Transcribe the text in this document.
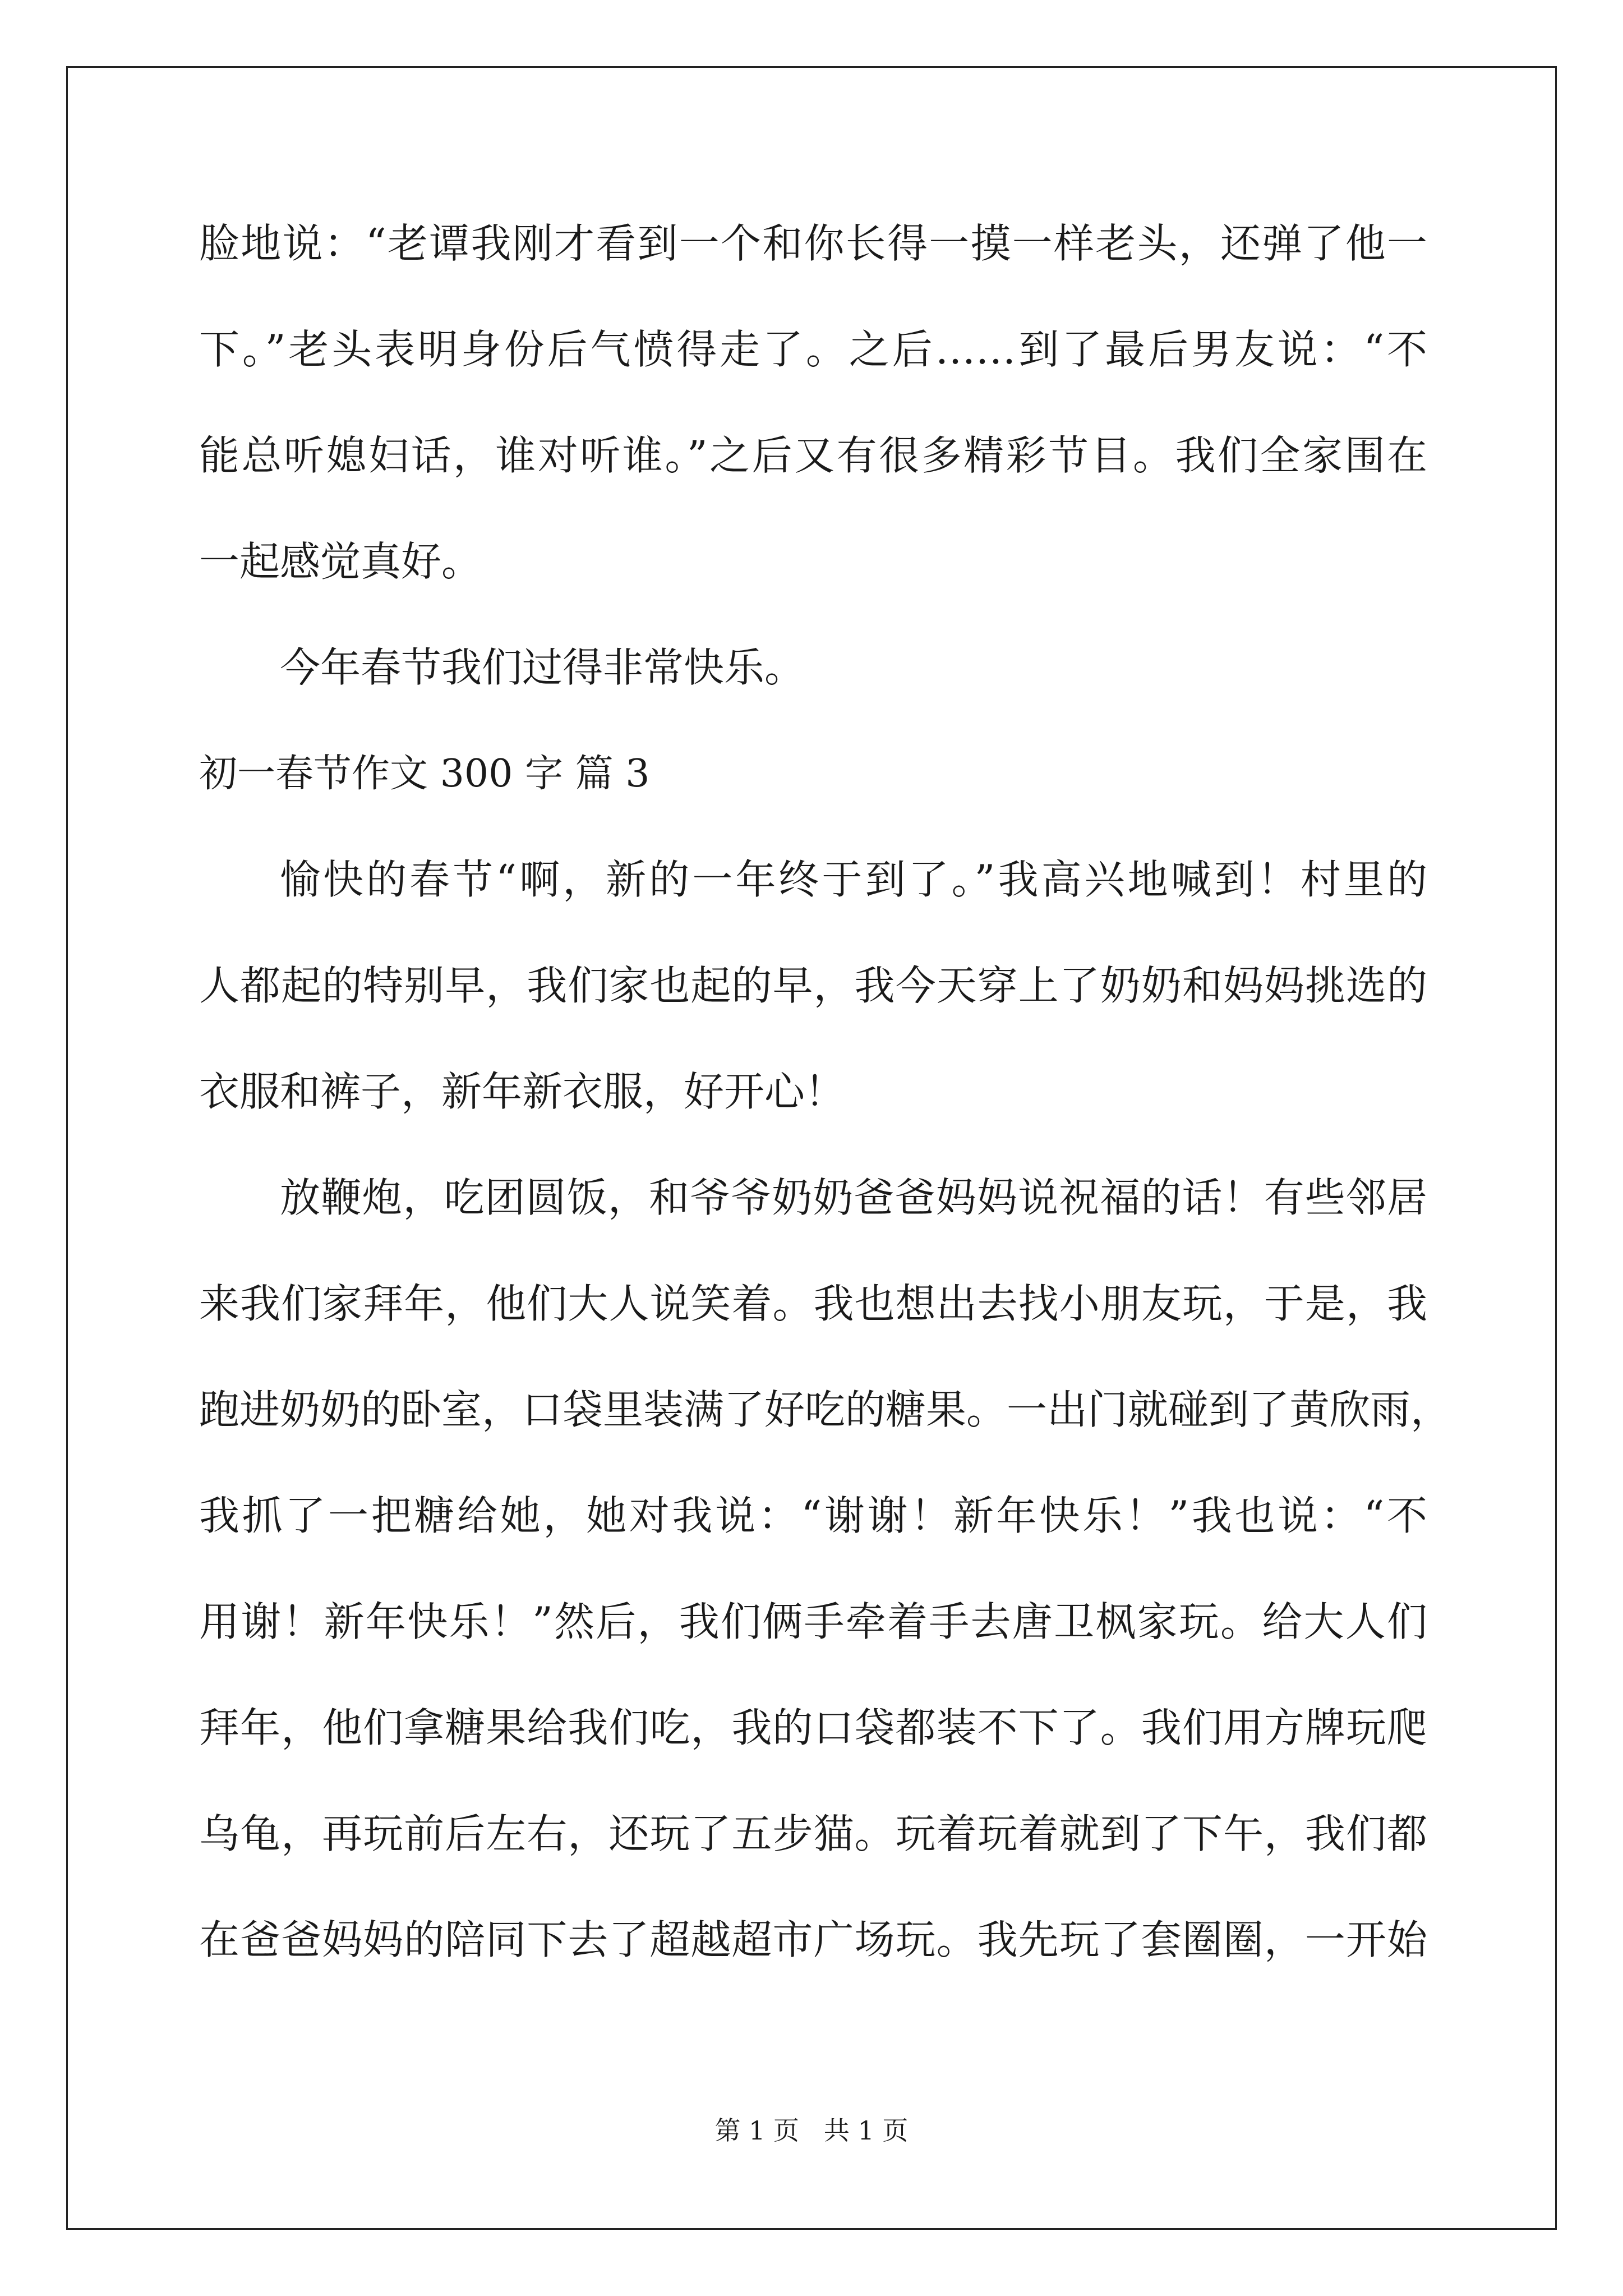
脸地说：“老谭我刚才看到一个和你长得一摸一样老头，还弹了他一
下。”老头表明身份后气愤得走了。之后……到了最后男友说：“不
能总听媳妇话，谁对听谁。”之后又有很多精彩节目。我们全家围在
一起感觉真好。
今年春节我们过得非常快乐。
初一春节作文 300 字 篇 3
愉快的春节“啊，新的一年终于到了。”我高兴地喊到！村里的
人都起的特别早，我们家也起的早，我今天穿上了奶奶和妈妈挑选的
衣服和裤子，新年新衣服，好开心！
放鞭炮，吃团圆饭，和爷爷奶奶爸爸妈妈说祝福的话！有些邻居
来我们家拜年，他们大人说笑着。我也想出去找小朋友玩，于是，我
跑进奶奶的卧室，口袋里装满了好吃的糖果。一出门就碰到了黄欣雨，
我抓了一把糖给她，她对我说：“谢谢！新年快乐！”我也说：“不
用谢！新年快乐！”然后，我们俩手牵着手去唐卫枫家玩。给大人们
拜年，他们拿糖果给我们吃，我的口袋都装不下了。我们用方牌玩爬
乌龟，再玩前后左右，还玩了五步猫。玩着玩着就到了下午，我们都
在爸爸妈妈的陪同下去了超越超市广场玩。我先玩了套圈圈，一开始
第 1 页   共 1 页
